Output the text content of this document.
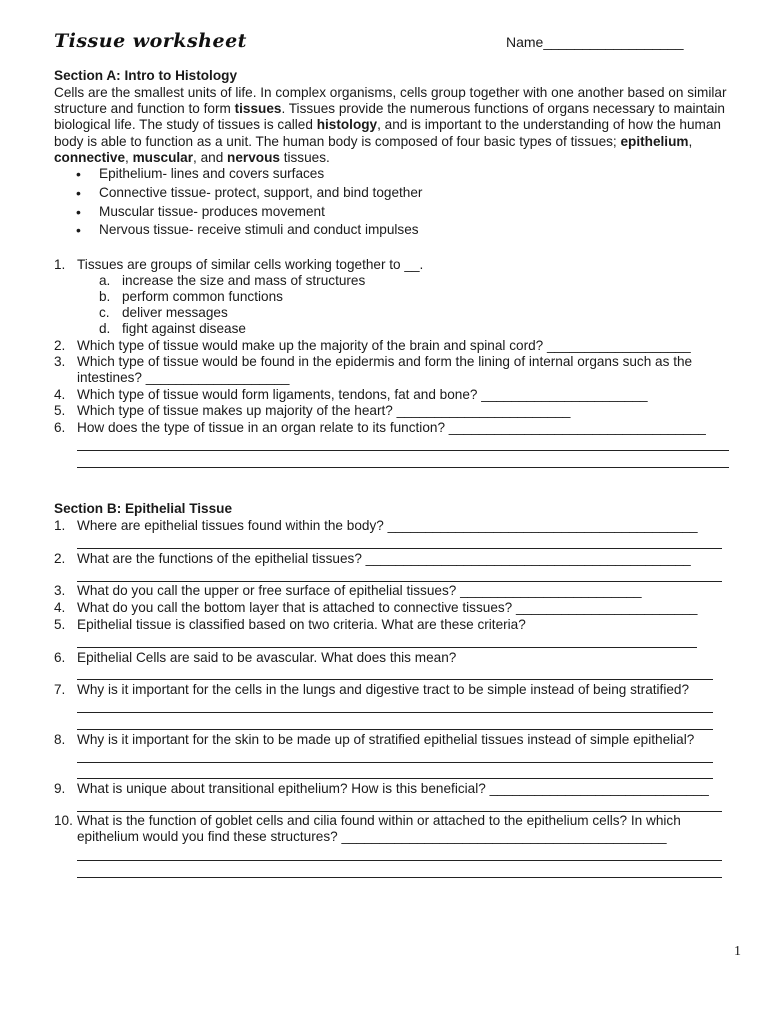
Tissue worksheet	Name__________________
Section A: Intro to Histology
Cells are the smallest units of life. In complex organisms, cells group together with one another based on similar structure and function to form tissues. Tissues provide the numerous functions of organs necessary to maintain biological life. The study of tissues is called histology, and is important to the understanding of how the human body is able to function as a unit. The human body is composed of four basic types of tissues; epithelium, connective, muscular, and nervous tissues.
• Epithelium- lines and covers surfaces
• Connective tissue- protect, support, and bind together
• Muscular tissue- produces movement
• Nervous tissue- receive stimuli and conduct impulses
1. Tissues are groups of similar cells working together to __.
a. increase the size and mass of structures
b. perform common functions
c. deliver messages
d. fight against disease
2. Which type of tissue would make up the majority of the brain and spinal cord? ___________________
3. Which type of tissue would be found in the epidermis and form the lining of internal organs such as the intestines? ___________________
4. Which type of tissue would form ligaments, tendons, fat and bone? ______________________
5. Which type of tissue makes up majority of the heart? _______________________
6. How does the type of tissue in an organ relate to its function? __________________________________
Section B: Epithelial Tissue
1. Where are epithelial tissues found within the body? _________________________________________
2. What are the functions of the epithelial tissues? ___________________________________________
3. What do you call the upper or free surface of epithelial tissues? ________________________
4. What do you call the bottom layer that is attached to connective tissues? ________________________
5. Epithelial tissue is classified based on two criteria. What are these criteria?
6. Epithelial Cells are said to be avascular. What does this mean?
7. Why is it important for the cells in the lungs and digestive tract to be simple instead of being stratified?
8. Why is it important for the skin to be made up of stratified epithelial tissues instead of simple epithelial?
9. What is unique about transitional epithelium? How is this beneficial? _____________________________
10. What is the function of goblet cells and cilia found within or attached to the epithelium cells? In which epithelium would you find these structures? ___________________________________________
1
